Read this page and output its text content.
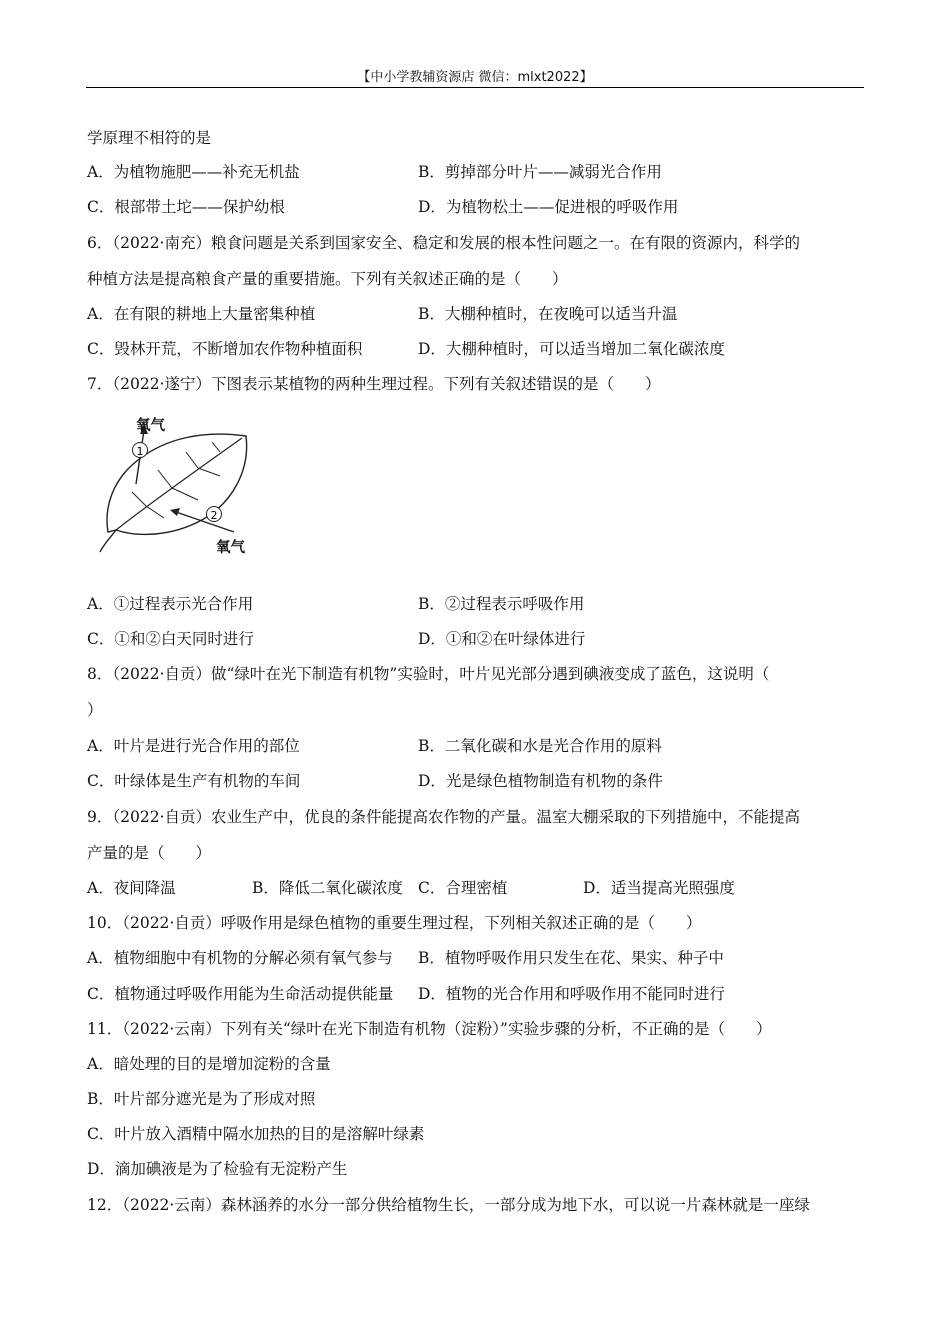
【中小学教辅资源店 微信：mlxt2022】
学原理不相符的是
A．为植物施肥——补充无机盐	B．剪掉部分叶片——减弱光合作用
C．根部带土坨——保护幼根	D．为植物松土——促进根的呼吸作用
6．（2022·南充）粮食问题是关系到国家安全、稳定和发展的根本性问题之一。在有限的资源内，科学的
种植方法是提高粮食产量的重要措施。下列有关叙述正确的是（　　）
A．在有限的耕地上大量密集种植	B．大棚种植时，在夜晚可以适当升温
C．毁林开荒，不断增加农作物种植面积	D．大棚种植时，可以适当增加二氧化碳浓度
7．（2022·遂宁）下图表示某植物的两种生理过程。下列有关叙述错误的是（　　）
1
2
氧气
氧气
A．①过程表示光合作用	B．②过程表示呼吸作用
C．①和②白天同时进行	D．①和②在叶绿体进行
8．（2022·自贡）做“绿叶在光下制造有机物”实验时，叶片见光部分遇到碘液变成了蓝色，这说明（
）
A．叶片是进行光合作用的部位	B．二氧化碳和水是光合作用的原料
C．叶绿体是生产有机物的车间	D．光是绿色植物制造有机物的条件
9．（2022·自贡）农业生产中，优良的条件能提高农作物的产量。温室大棚采取的下列措施中，不能提高
产量的是（　　）
A．夜间降温	B．降低二氧化碳浓度 C．合理密植	D．适当提高光照强度
10．（2022·自贡）呼吸作用是绿色植物的重要生理过程，下列相关叙述正确的是（　　）
A．植物细胞中有机物的分解必须有氧气参与 B．植物呼吸作用只发生在花、果实、种子中
C．植物通过呼吸作用能为生命活动提供能量 D．植物的光合作用和呼吸作用不能同时进行
11．（2022·云南）下列有关“绿叶在光下制造有机物（淀粉）”实验步骤的分析，不正确的是（　　）
A．暗处理的目的是增加淀粉的含量
B．叶片部分遮光是为了形成对照
C．叶片放入酒精中隔水加热的目的是溶解叶绿素
D．滴加碘液是为了检验有无淀粉产生
12．（2022·云南）森林涵养的水分一部分供给植物生长，一部分成为地下水，可以说一片森林就是一座绿
